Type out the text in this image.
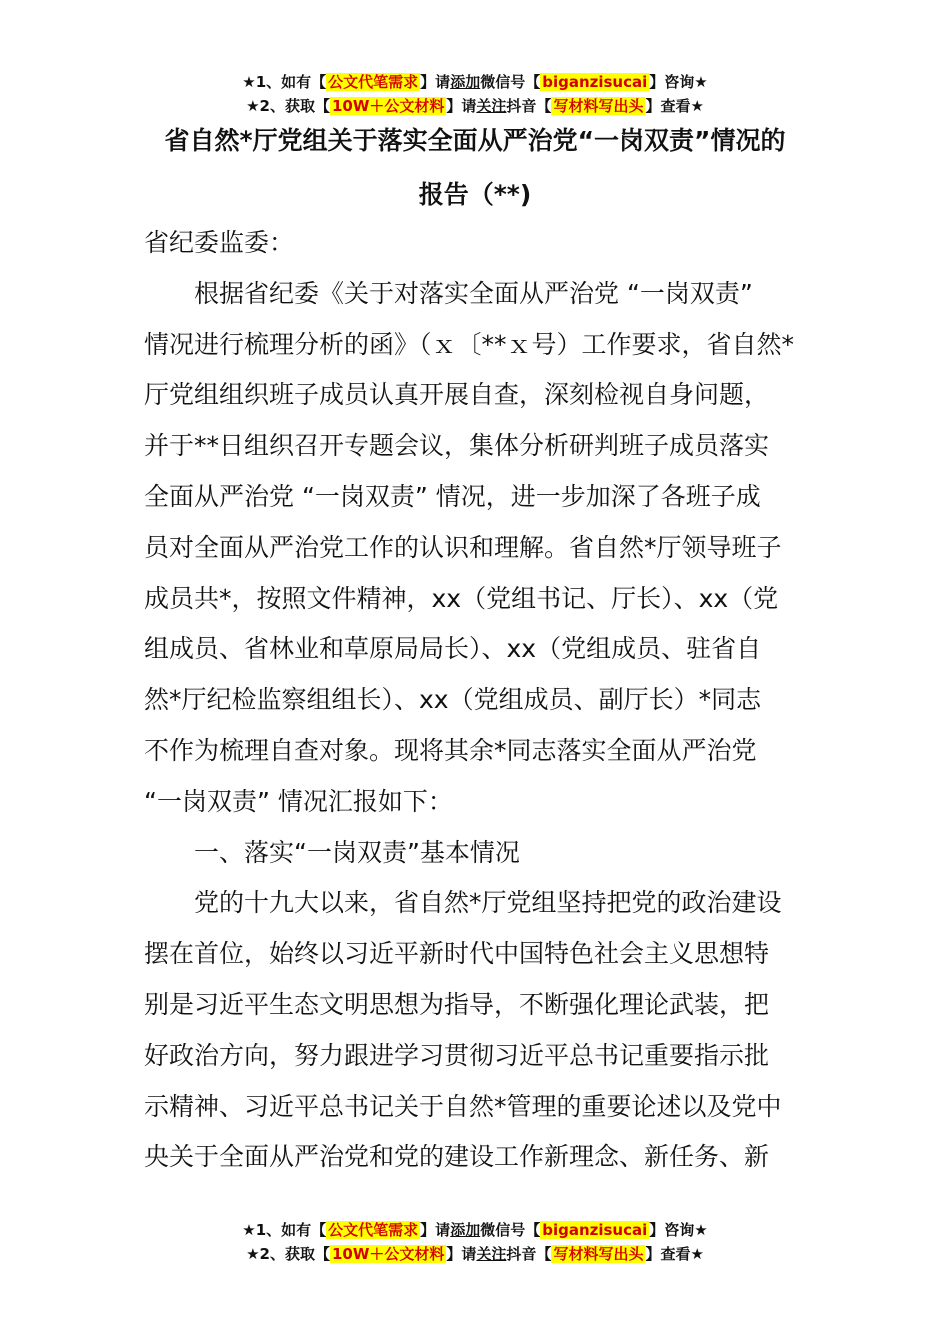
★1、如有【 公文代笔需求 】请添加微信号【 biganzisucai 】咨询★
★2、获取【 10W＋公文材料 】请关注抖音【 写材料写出头 】查看★
省自然*厅党组关于落实全面从严治党“一岗双责”情况的
报告（**)

省纪委监委：

根据省纪委《关于对落实全面从严治党 “一岗双责”
情况进行梳理分析的函》（ｘ〔**ｘ号）工作要求，省自然*
厅党组组织班子成员认真开展自查，深刻检视自身问题，
并于**日组织召开专题会议，集体分析研判班子成员落实
全面从严治党 “一岗双责” 情况，进一步加深了各班子成
员对全面从严治党工作的认识和理解。省自然*厅领导班子
成员共*，按照文件精神，xx（党组书记、厅长）、xx（党
组成员、省林业和草原局局长）、xx（党组成员、驻省自
然*厅纪检监察组组长）、xx（党组成员、副厅长）*同志
不作为梳理自查对象。现将其余*同志落实全面从严治党
“一岗双责” 情况汇报如下：

一、落实“一岗双责”基本情况

党的十九大以来，省自然*厅党组坚持把党的政治建设
摆在首位，始终以习近平新时代中国特色社会主义思想特
别是习近平生态文明思想为指导，不断强化理论武装，把
好政治方向，努力跟进学习贯彻习近平总书记重要指示批
示精神、习近平总书记关于自然*管理的重要论述以及党中
央关于全面从严治党和党的建设工作新理念、新任务、新

★1、如有【 公文代笔需求 】请添加微信号【 biganzisucai 】咨询★
★2、获取【 10W＋公文材料 】请关注抖音【 写材料写出头 】查看★
